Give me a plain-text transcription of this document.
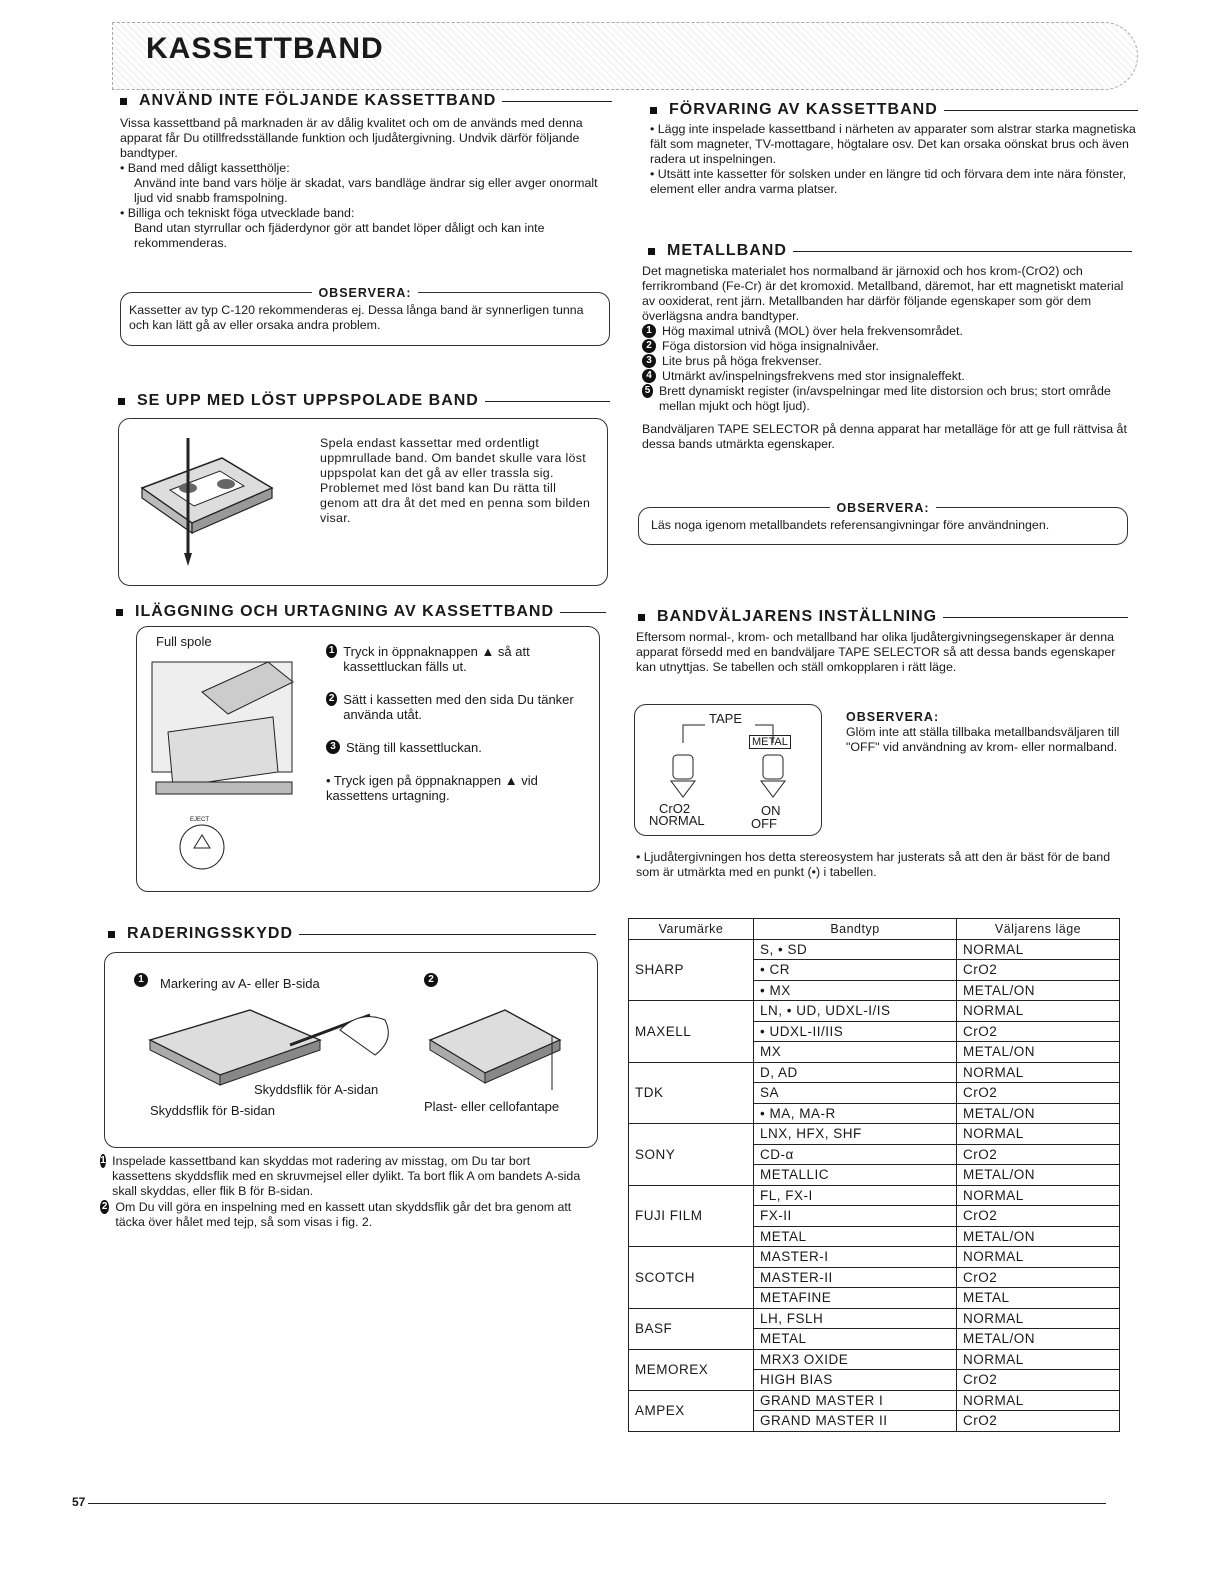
KASSETTBAND
ANVÄND INTE FÖLJANDE KASSETTBAND

Vissa kassettband på marknaden är av dålig kvalitet och om de används med denna apparat får Du otillfredsställande funktion och ljudåtergivning. Undvik därför följande bandtyper.

• Band med dåligt kassetthölje:

Använd inte band vars hölje är skadat, vars bandläge ändrar sig eller avger onormalt ljud vid snabb framspolning.

• Billiga och tekniskt föga utvecklade band:

Band utan styrrullar och fjäderdynor gör att bandet löper dåligt och kan inte rekommenderas.

OBSERVERA:
Kassetter av typ C-120 rekommenderas ej. Dessa långa band är synnerligen tunna och kan lätt gå av eller orsaka andra problem.
SE UPP MED LÖST UPPSPOLADE BAND
Spela endast kassettar med ordentligt uppmrullade band. Om bandet skulle vara löst uppspolat kan det gå av eller trassla sig. Problemet med löst band kan Du rätta till genom att dra åt det med en penna som bilden visar.
ILÄGGNING OCH URTAGNING AV KASSETTBAND
Full spole
EJECT
1 Tryck in öppnaknappen ▲ så att kassettluckan fälls ut.
2 Sätt i kassetten med den sida Du tänker använda utåt.
3 Stäng till kassettluckan.
• Tryck igen på öppnaknappen ▲ vid kassettens urtagning.
RADERINGSSKYDD
1	Markering av A- eller B-sida	2
Skyddsflik för A-sidan
Skyddsflik för B-sidan	Plast- eller cellofantape
1 Inspelade kassettband kan skyddas mot radering av misstag, om Du tar bort kassettens skyddsflik med en skruvmejsel eller dylikt. Ta bort flik A om bandets A-sida skall skyddas, eller flik B för B-sidan.
2 Om Du vill göra en inspelning med en kassett utan skyddsflik går det bra genom att täcka över hålet med tejp, så som visas i fig. 2.
FÖRVARING AV KASSETTBAND

• Lägg inte inspelade kassettband i närheten av apparater som alstrar starka magnetiska fält som magneter, TV-mottagare, högtalare osv. Det kan orsaka oönskat brus och även radera ut inspelningen.

• Utsätt inte kassetter för solsken under en längre tid och förvara dem inte nära fönster, element eller andra varma platser.

METALLBAND

Det magnetiska materialet hos normalband är järnoxid och hos krom-(CrO2) och ferrikromband (Fe-Cr) är det kromoxid. Metallband, däremot, har ett magnetiskt material av ooxiderat, rent järn. Metallbanden har därför följande egenskaper som gör dem överlägsna andra bandtyper.

1 Hög maximal utnivå (MOL) över hela frekvensområdet.
2 Föga distorsion vid höga insignalnivåer.
3 Lite brus på höga frekvenser.
4 Utmärkt av/inspelningsfrekvens med stor insignaleffekt.
5 Brett dynamiskt register (in/avspelningar med lite distorsion och brus; stort område mellan mjukt och högt ljud).

Bandväljaren TAPE SELECTOR på denna apparat har metalläge för att ge full rättvisa åt dessa bands utmärkta egenskaper.

OBSERVERA:
Läs noga igenom metallbandets referensangivningar före användningen.
BANDVÄLJARENS INSTÄLLNING
Eftersom normal-, krom- och metallband har olika ljudåtergivningsegenskaper är denna apparat försedd med en bandväljare TAPE SELECTOR så att dessa bands egenskaper kan utnyttjas. Se tabellen och ställ omkopplaren i rätt läge.
TAPE
METAL
CrO2
NORMAL
ON
OFF
OBSERVERA:
Glöm inte att ställa tillbaka metallbandsväljaren till "OFF" vid användning av krom- eller normalband.
• Ljudåtergivningen hos detta stereosystem har justerats så att den är bäst för de band som är utmärkta med en punkt (•) i tabellen.
Varumärke	Bandtyp	Väljarens läge
SHARP	S, • SD	NORMAL
	• CR	CrO2
	• MX	METAL/ON
MAXELL	LN, • UD, UDXL-I/IS	NORMAL
	• UDXL-II/IIS	CrO2
	MX	METAL/ON
TDK	D, AD	NORMAL
	SA	CrO2
	• MA, MA-R	METAL/ON
SONY	LNX, HFX, SHF	NORMAL
	CD-α	CrO2
	METALLIC	METAL/ON
FUJI FILM	FL, FX-I	NORMAL
	FX-II	CrO2
	METAL	METAL/ON
SCOTCH	MASTER-I	NORMAL
	MASTER-II	CrO2
	METAFINE	METAL
BASF	LH, FSLH	NORMAL
	METAL	METAL/ON
MEMOREX	MRX3 OXIDE	NORMAL
	HIGH BIAS	CrO2
AMPEX	GRAND MASTER I	NORMAL
	GRAND MASTER II	CrO2
57
